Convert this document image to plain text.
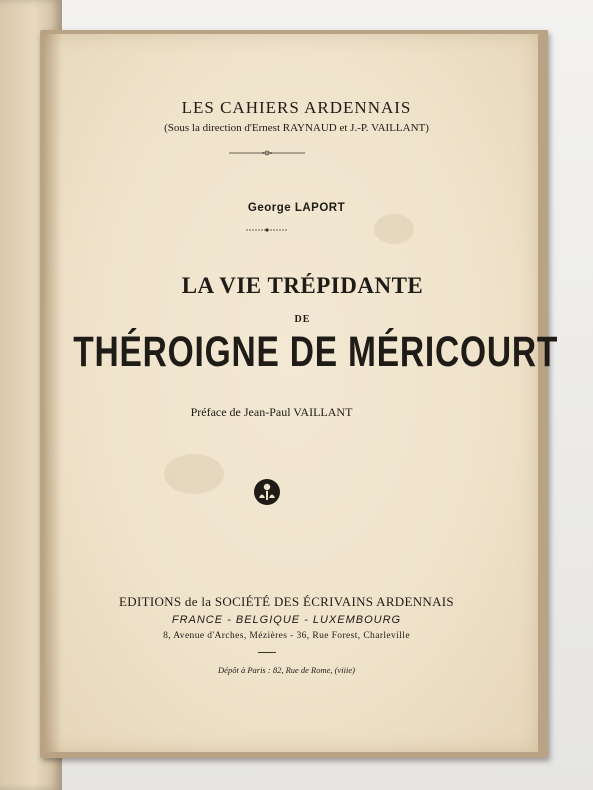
LES CAHIERS ARDENNAIS
(Sous la direction d'Ernest RAYNAUD et J.-P. VAILLANT)
George LAPORT
LA VIE TRÉPIDANTE
DE
THÉROIGNE DE MÉRICOURT
Préface de Jean-Paul VAILLANT
EDITIONS de la SOCIÉTÉ DES ÉCRIVAINS ARDENNAIS
FRANCE - BELGIQUE - LUXEMBOURG
8, Avenue d'Arches, Mézières - 36, Rue Forest, Charleville
Dépôt à Paris : 82, Rue de Rome, (viiie)
